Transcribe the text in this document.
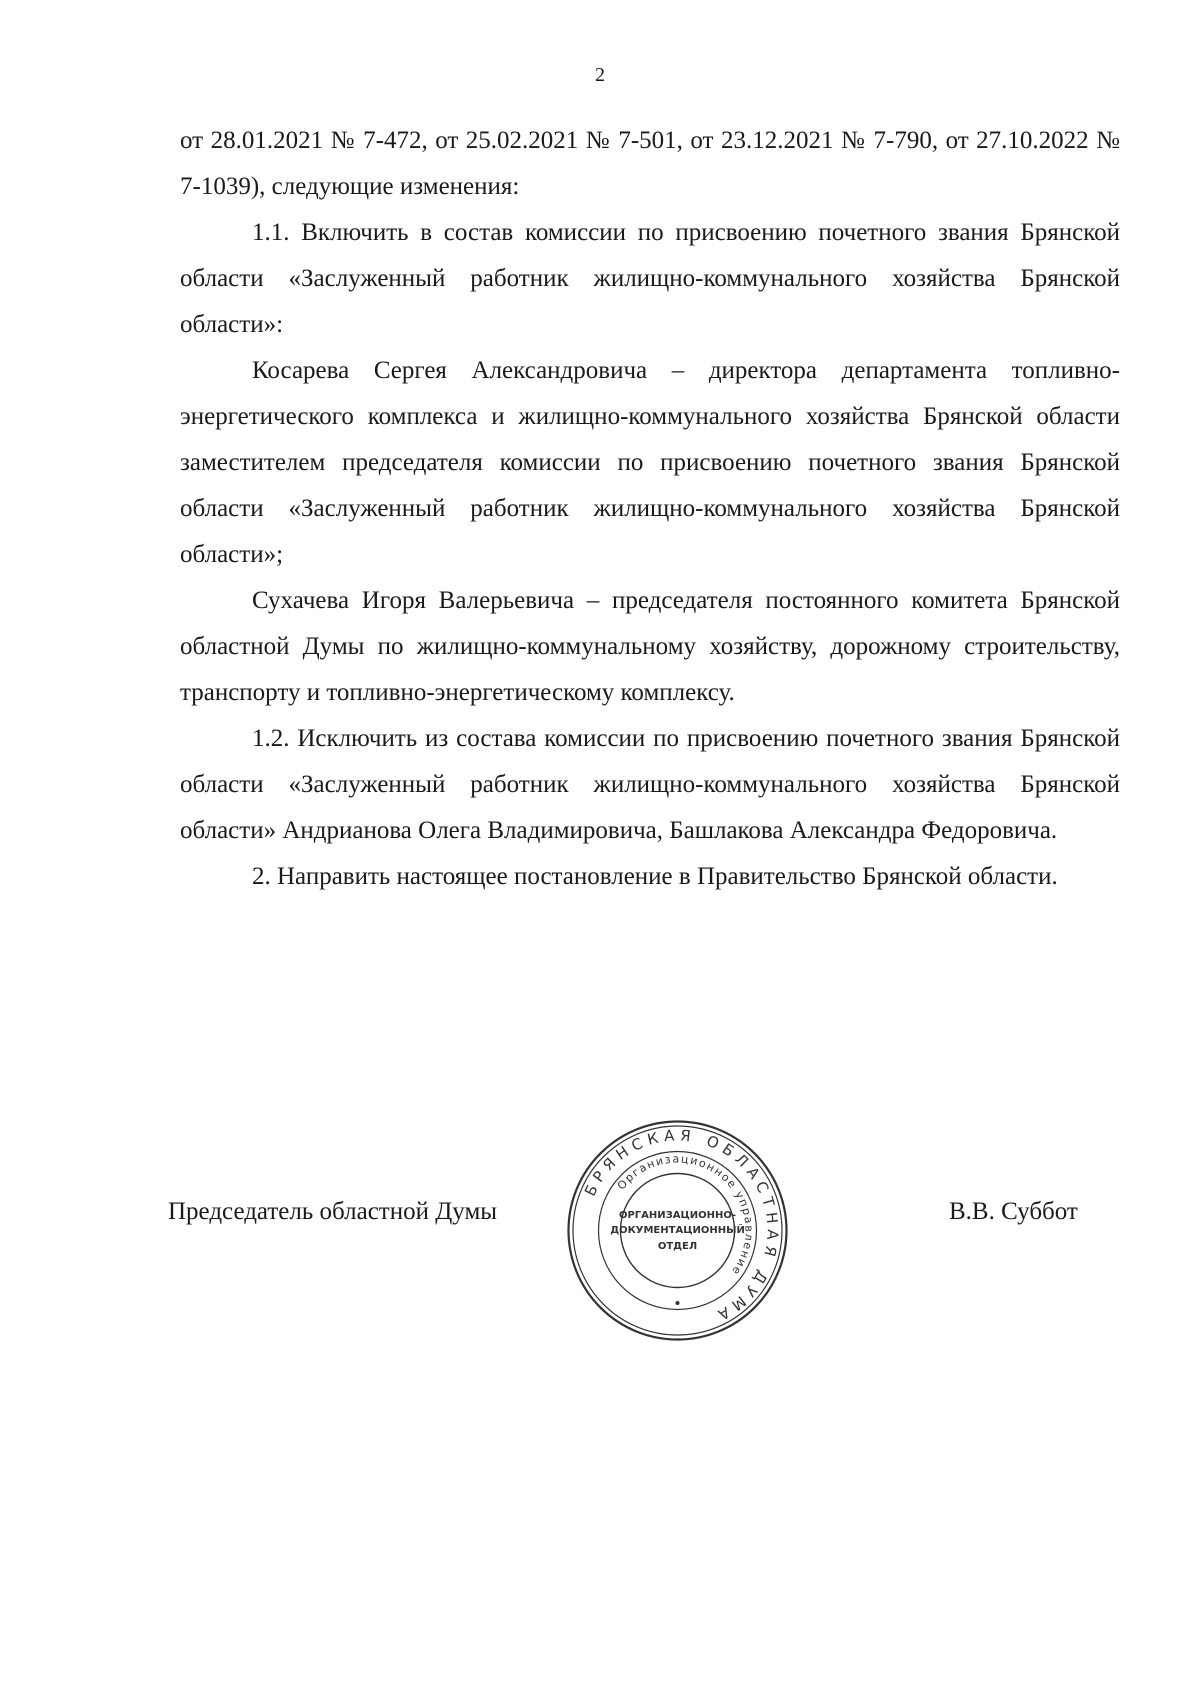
2

от 28.01.2021 № 7-472, от 25.02.2021 № 7-501, от 23.12.2021 № 7-790, от 27.10.2022 № 7-1039), следующие изменения:

1.1. Включить в состав комиссии по присвоению почетного звания Брянской области «Заслуженный работник жилищно-коммунального хозяйства Брянской области»:

Косарева Сергея Александровича – директора департамента топливно-энергетического комплекса и жилищно-коммунального хозяйства Брянской области заместителем председателя комиссии по присвоению почетного звания Брянской области «Заслуженный работник жилищно-коммунального хозяйства Брянской области»;

Сухачева Игоря Валерьевича – председателя постоянного комитета Брянской областной Думы по жилищно-коммунальному хозяйству, дорожному строительству, транспорту и топливно-энергетическому комплексу.

1.2. Исключить из состава комиссии по присвоению почетного звания Брянской области «Заслуженный работник жилищно-коммунального хозяйства Брянской области» Андрианова Олега Владимировича, Башлакова Александра Федоровича.

2. Направить настоящее постановление в Правительство Брянской области.

Председатель областной Думы	В.В. Суббот
БРЯНСКАЯ ОБЛАСТНАЯ ДУМА
Организационное управление
ОРГАНИЗАЦИОННО-
ДОКУМЕНТАЦИОННЫЙ
ОТДЕЛ
